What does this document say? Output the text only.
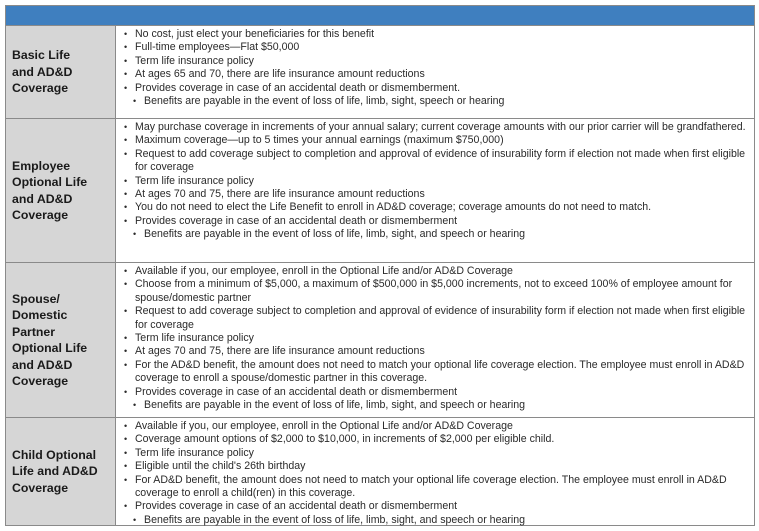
Basic Life
and AD&D
Coverage
• No cost, just elect your beneficiaries for this benefit
• Full-time employees—Flat $50,000
• Term life insurance policy
• At ages 65 and 70, there are life insurance amount reductions
• Provides coverage in case of an accidental death or dismemberment.
• Benefits are payable in the event of loss of life, limb, sight, speech or hearing
Employee
Optional Life
and AD&D
Coverage
• May purchase coverage in increments of your annual salary; current coverage amounts with our prior carrier will be grandfathered.
• Maximum coverage—up to 5 times your annual earnings (maximum $750,000)
• Request to add coverage subject to completion and approval of evidence of insurability form if election not made when first eligible for coverage
• Term life insurance policy
• At ages 70 and 75, there are life insurance amount reductions
• You do not need to elect the Life Benefit to enroll in AD&D coverage; coverage amounts do not need to match.
• Provides coverage in case of an accidental death or dismemberment
• Benefits are payable in the event of loss of life, limb, sight, and speech or hearing
Spouse/
Domestic
Partner
Optional Life
and AD&D
Coverage
• Available if you, our employee, enroll in the Optional Life and/or AD&D Coverage
• Choose from a minimum of $5,000, a maximum of $500,000 in $5,000 increments, not to exceed 100% of employee amount for spouse/domestic partner
• Request to add coverage subject to completion and approval of evidence of insurability form if election not made when first eligible for coverage
• Term life insurance policy
• At ages 70 and 75, there are life insurance amount reductions
• For the AD&D benefit, the amount does not need to match your optional life coverage election. The employee must enroll in AD&D coverage to enroll a spouse/domestic partner in this coverage.
• Provides coverage in case of an accidental death or dismemberment
• Benefits are payable in the event of loss of life, limb, sight, and speech or hearing
Child Optional
Life and AD&D
Coverage
• Available if you, our employee, enroll in the Optional Life and/or AD&D Coverage
• Coverage amount options of $2,000 to $10,000, in increments of $2,000 per eligible child.
• Term life insurance policy
• Eligible until the child's 26th birthday
• For AD&D benefit, the amount does not need to match your optional life coverage election. The employee must enroll in AD&D coverage to enroll a child(ren) in this coverage.
• Provides coverage in case of an accidental death or dismemberment
• Benefits are payable in the event of loss of life, limb, sight, and speech or hearing
